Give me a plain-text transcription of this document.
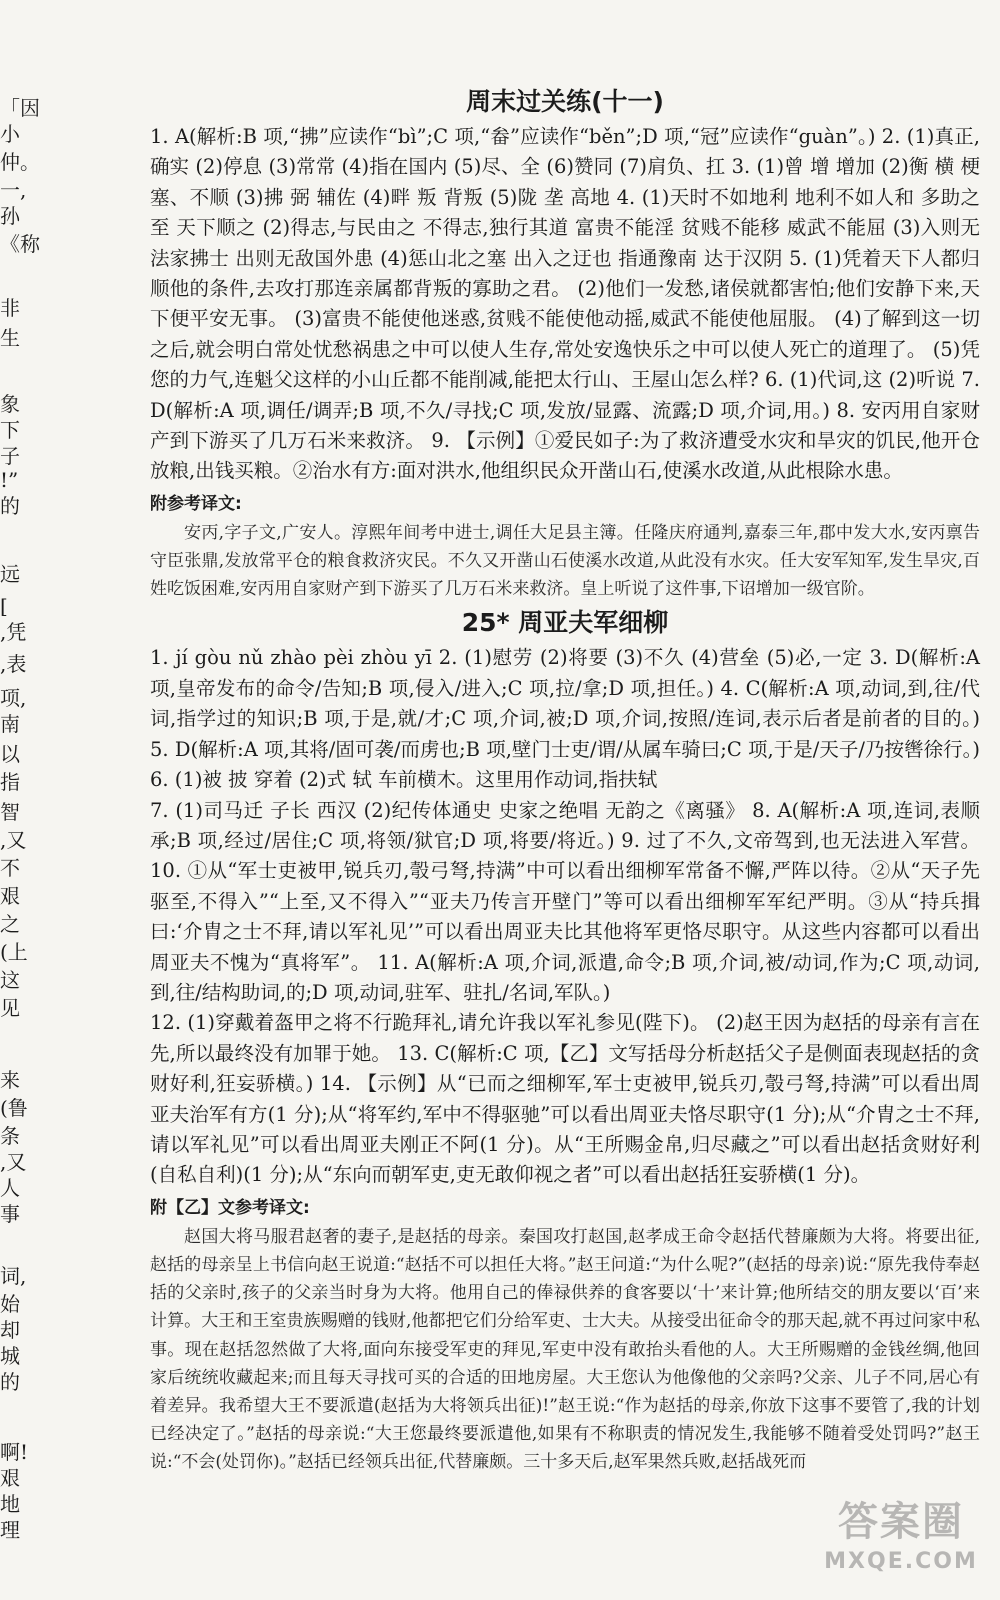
「因
小
仲。
一,
孙
《称
非
生
象
下
子
!”
的
远
[
,凭
,表
项,
南
以
指
智
,又
不
艰
之
(上
这
见
来
(鲁
条
,又
人
事
词,
始
却
城
的
啊!
艰
地
理
周末过关练(十一)

1. A(解析:B 项,“拂”应读作“bì”;C 项,“畚”应读作“běn”;D 项,“冠”应读作“guàn”。) 2. (1)真正,确实 (2)停息 (3)常常 (4)指在国内 (5)尽、全 (6)赞同 (7)肩负、扛 3. (1)曾 增 增加 (2)衡 横 梗塞、不顺 (3)拂 弼 辅佐 (4)畔 叛 背叛 (5)陇 垄 高地 4. (1)天时不如地利 地利不如人和 多助之至 天下顺之 (2)得志,与民由之 不得志,独行其道 富贵不能淫 贫贱不能移 威武不能屈 (3)入则无法家拂士 出则无敌国外患 (4)惩山北之塞 出入之迂也 指通豫南 达于汉阴 5. (1)凭着天下人都归顺他的条件,去攻打那连亲属都背叛的寡助之君。 (2)他们一发愁,诸侯就都害怕;他们安静下来,天下便平安无事。 (3)富贵不能使他迷惑,贫贱不能使他动摇,威武不能使他屈服。 (4)了解到这一切之后,就会明白常处忧愁祸患之中可以使人生存,常处安逸快乐之中可以使人死亡的道理了。 (5)凭您的力气,连魁父这样的小山丘都不能削减,能把太行山、王屋山怎么样? 6. (1)代词,这 (2)听说 7. D(解析:A 项,调任/调弄;B 项,不久/寻找;C 项,发放/显露、流露;D 项,介词,用。) 8. 安丙用自家财产到下游买了几万石米来救济。 9. 【示例】①爱民如子:为了救济遭受水灾和旱灾的饥民,他开仓放粮,出钱买粮。②治水有方:面对洪水,他组织民众开凿山石,使溪水改道,从此根除水患。

附参考译文:

安丙,字子文,广安人。淳熙年间考中进士,调任大足县主簿。任隆庆府通判,嘉泰三年,郡中发大水,安丙禀告守臣张鼎,发放常平仓的粮食救济灾民。不久又开凿山石使溪水改道,从此没有水灾。任大安军知军,发生旱灾,百姓吃饭困难,安丙用自家财产到下游买了几万石米来救济。皇上听说了这件事,下诏增加一级官阶。

25* 周亚夫军细柳

1. jí gòu nǔ zhào pèi zhòu yī 2. (1)慰劳 (2)将要 (3)不久 (4)营垒 (5)必,一定 3. D(解析:A 项,皇帝发布的命令/告知;B 项,侵入/进入;C 项,拉/拿;D 项,担任。) 4. C(解析:A 项,动词,到,往/代词,指学过的知识;B 项,于是,就/才;C 项,介词,被;D 项,介词,按照/连词,表示后者是前者的目的。) 5. D(解析:A 项,其将/固可袭/而虏也;B 项,壁门士吏/谓/从属车骑曰;C 项,于是/天子/乃按辔徐行。) 6. (1)被 披 穿着 (2)式 轼 车前横木。这里用作动词,指扶轼

7. (1)司马迁 子长 西汉 (2)纪传体通史 史家之绝唱 无韵之《离骚》 8. A(解析:A 项,连词,表顺承;B 项,经过/居住;C 项,将领/狱官;D 项,将要/将近。) 9. 过了不久,文帝驾到,也无法进入军营。 10. ①从“军士吏被甲,锐兵刃,彀弓弩,持满”中可以看出细柳军常备不懈,严阵以待。②从“天子先驱至,不得入”“上至,又不得入”“亚夫乃传言开壁门”等可以看出细柳军军纪严明。③从“持兵揖曰:‘介胄之士不拜,请以军礼见’”可以看出周亚夫比其他将军更恪尽职守。从这些内容都可以看出周亚夫不愧为“真将军”。 11. A(解析:A 项,介词,派遣,命令;B 项,介词,被/动词,作为;C 项,动词,到,往/结构助词,的;D 项,动词,驻军、驻扎/名词,军队。)

12. (1)穿戴着盔甲之将不行跪拜礼,请允许我以军礼参见(陛下)。 (2)赵王因为赵括的母亲有言在先,所以最终没有加罪于她。 13. C(解析:C 项,【乙】文写括母分析赵括父子是侧面表现赵括的贪财好利,狂妄骄横。) 14. 【示例】从“已而之细柳军,军士吏被甲,锐兵刃,彀弓弩,持满”可以看出周亚夫治军有方(1 分);从“将军约,军中不得驱驰”可以看出周亚夫恪尽职守(1 分);从“介胄之士不拜,请以军礼见”可以看出周亚夫刚正不阿(1 分)。从“王所赐金帛,归尽藏之”可以看出赵括贪财好利(自私自利)(1 分);从“东向而朝军吏,吏无敢仰视之者”可以看出赵括狂妄骄横(1 分)。

附【乙】文参考译文:

赵国大将马服君赵奢的妻子,是赵括的母亲。秦国攻打赵国,赵孝成王命令赵括代替廉颇为大将。将要出征,赵括的母亲呈上书信向赵王说道:“赵括不可以担任大将。”赵王问道:“为什么呢?”(赵括的母亲)说:“原先我侍奉赵括的父亲时,孩子的父亲当时身为大将。他用自己的俸禄供养的食客要以‘十’来计算;他所结交的朋友要以‘百’来计算。大王和王室贵族赐赠的钱财,他都把它们分给军吏、士大夫。从接受出征命令的那天起,就不再过问家中私事。现在赵括忽然做了大将,面向东接受军吏的拜见,军吏中没有敢抬头看他的人。大王所赐赠的金钱丝绸,他回家后统统收藏起来;而且每天寻找可买的合适的田地房屋。大王您认为他像他的父亲吗?父亲、儿子不同,居心有着差异。我希望大王不要派遣(赵括为大将领兵出征)!”赵王说:“作为赵括的母亲,你放下这事不要管了,我的计划已经决定了。”赵括的母亲说:“大王您最终要派遣他,如果有不称职责的情况发生,我能够不随着受处罚吗?”赵王说:“不会(处罚你)。”赵括已经领兵出征,代替廉颇。三十多天后,赵军果然兵败,赵括战死而

答案圈
MXQE.COM
